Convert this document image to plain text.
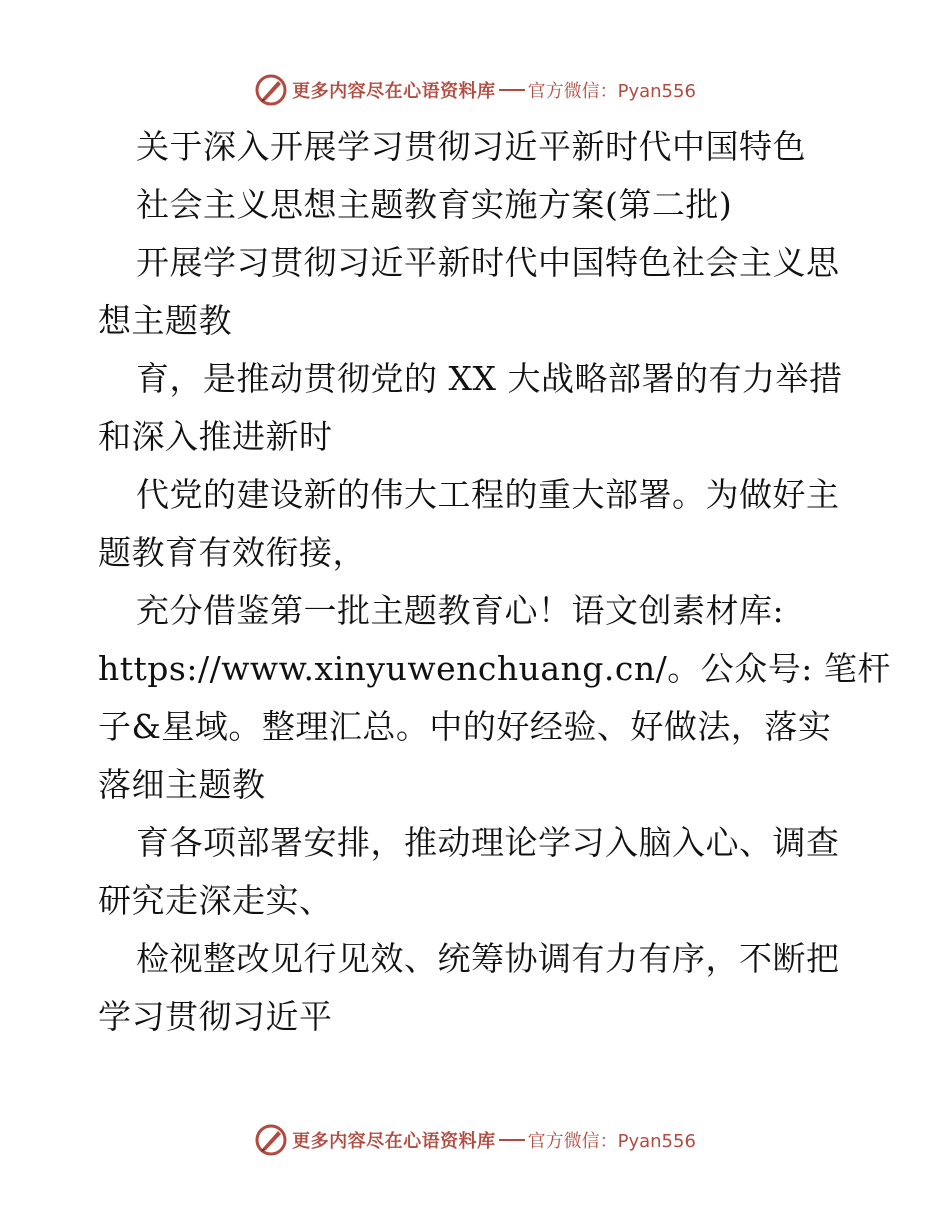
更多内容尽在心语资料库 官方微信：Pyan556
关于深入开展学习贯彻习近平新时代中国特色
社会主义思想主题教育实施方案(第二批)
开展学习贯彻习近平新时代中国特色社会主义思
想主题教
育，是推动贯彻党的 XX 大战略部署的有力举措
和深入推进新时
代党的建设新的伟大工程的重大部署。为做好主
题教育有效衔接，
充分借鉴第一批主题教育心！语文创素材库:
https://www.xinyuwenchuang.cn/。公众号: 笔杆
子&星域。整理汇总。中的好经验、好做法，落实
落细主题教
育各项部署安排，推动理论学习入脑入心、调查
研究走深走实、
检视整改见行见效、统筹协调有力有序，不断把
学习贯彻习近平
更多内容尽在心语资料库 官方微信：Pyan556
